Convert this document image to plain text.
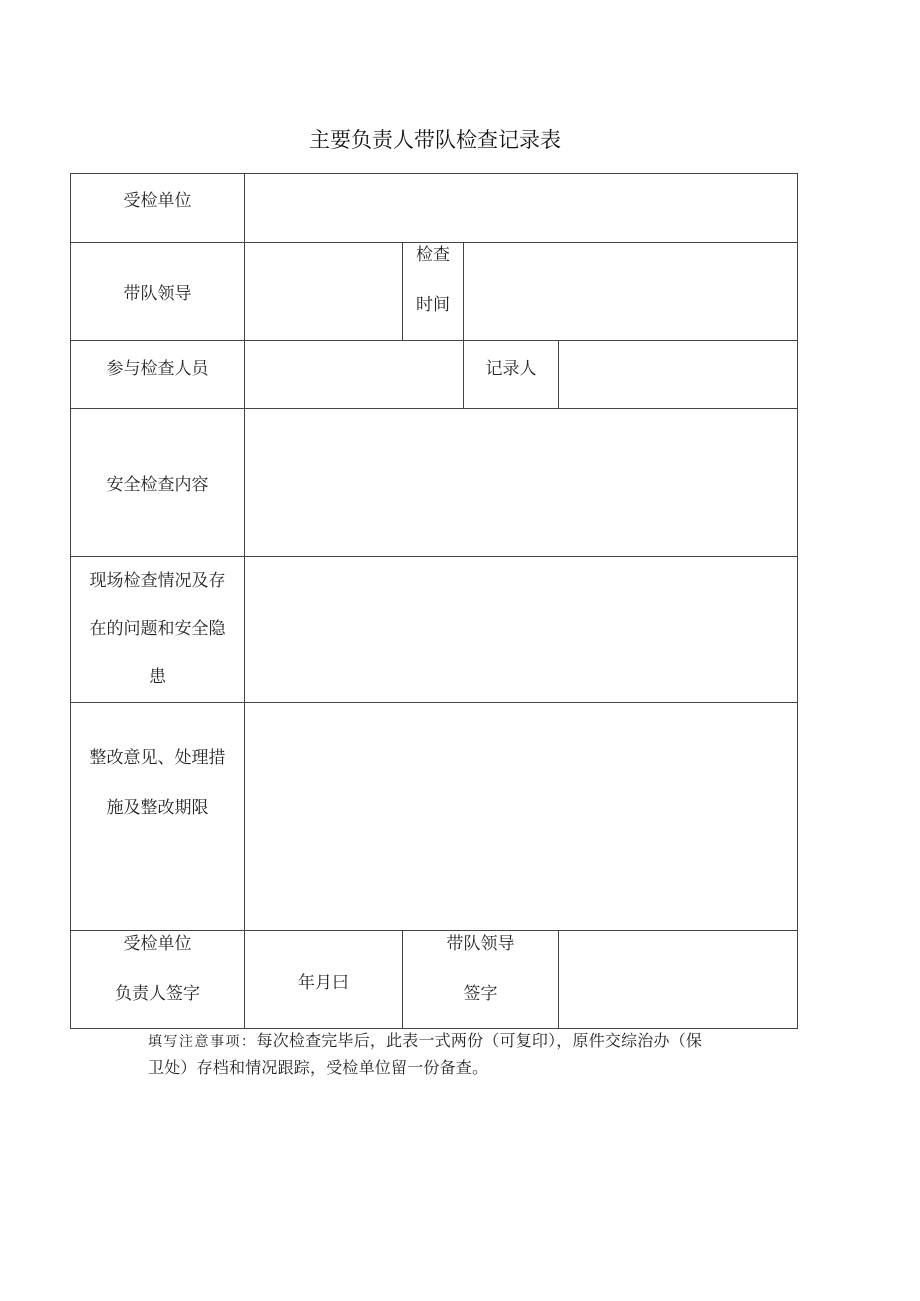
主要负责人带队检查记录表
受检单位
带队领导
检查
时间
参与检查人员	记录人
安全检查内容
现场检查情况及存
在的问题和安全隐
患
整改意见、处理措
施及整改期限
受检单位
负责人签字
年月曰
带队领导
签字
填写注意事项：每次检查完毕后，此表一式两份（可复印），原件交综治办（保
卫处）存档和情况跟踪，受检单位留一份备查。
